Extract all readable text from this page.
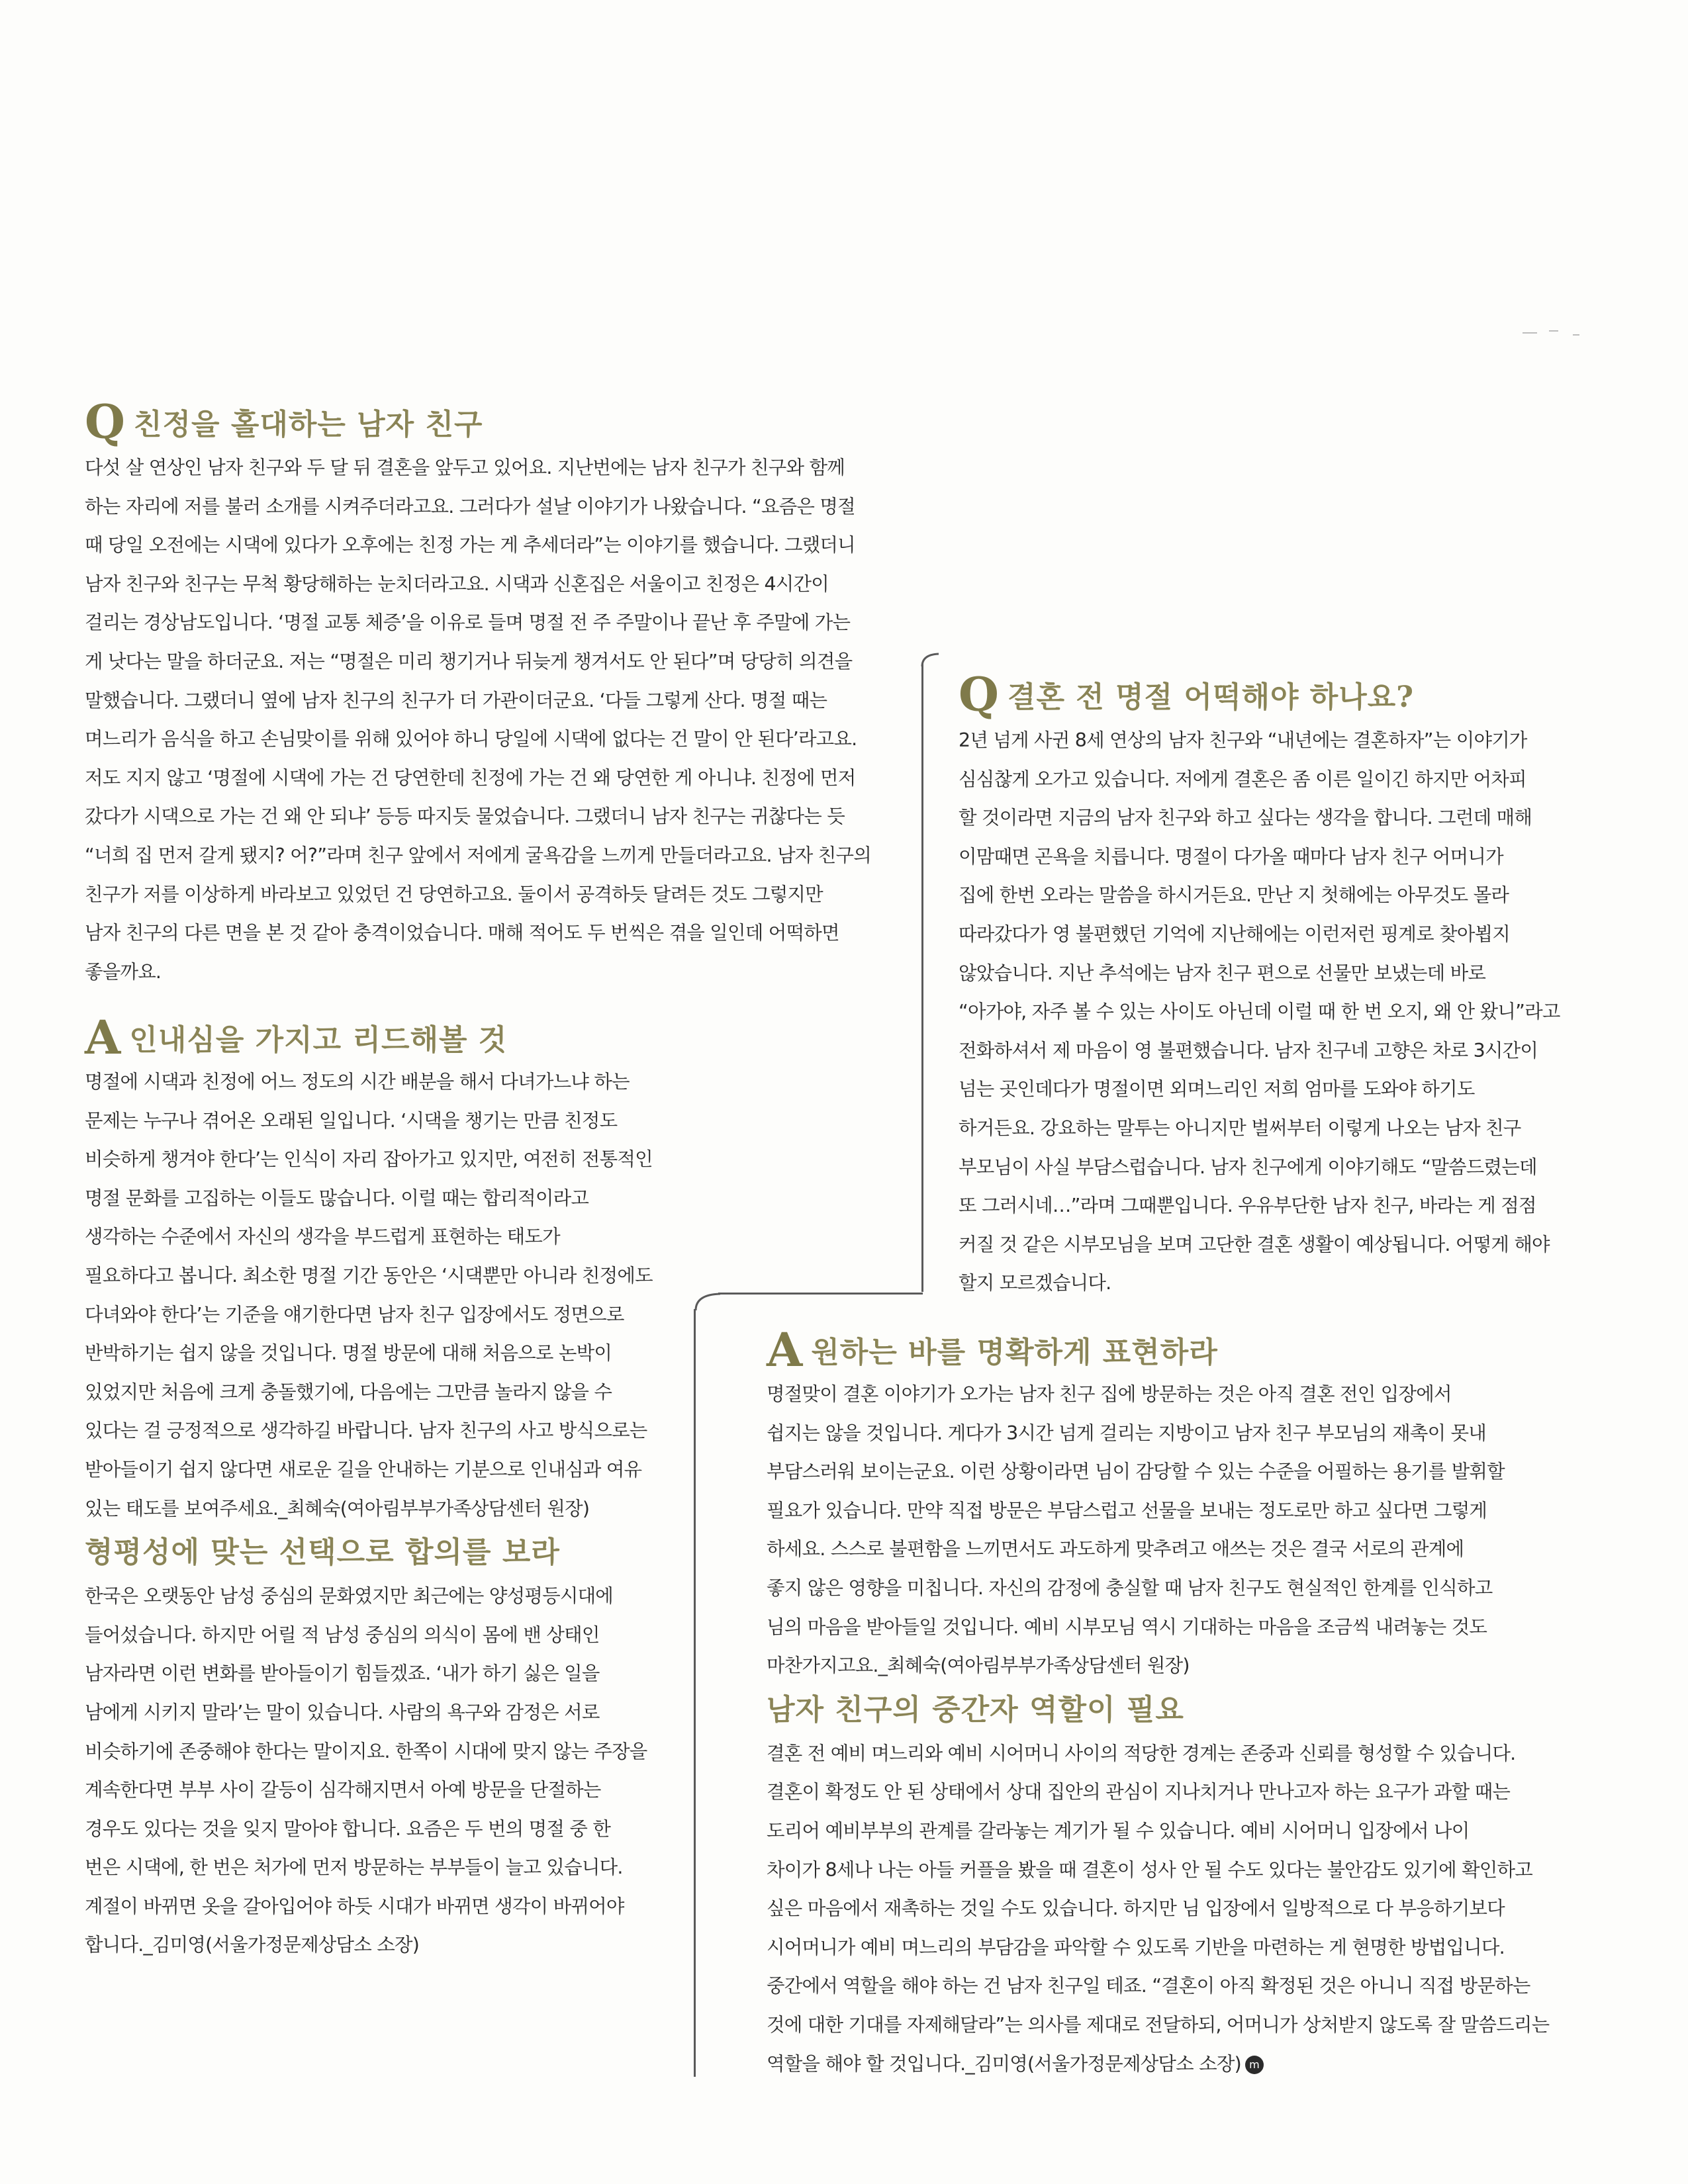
Q친정을 홀대하는 남자 친구
다섯 살 연상인 남자 친구와 두 달 뒤 결혼을 앞두고 있어요. 지난번에는 남자 친구가 친구와 함께
하는 자리에 저를 불러 소개를 시켜주더라고요. 그러다가 설날 이야기가 나왔습니다. “요즘은 명절
때 당일 오전에는 시댁에 있다가 오후에는 친정 가는 게 추세더라”는 이야기를 했습니다. 그랬더니
남자 친구와 친구는 무척 황당해하는 눈치더라고요. 시댁과 신혼집은 서울이고 친정은 4시간이
걸리는 경상남도입니다. ‘명절 교통 체증’을 이유로 들며 명절 전 주 주말이나 끝난 후 주말에 가는
게 낫다는 말을 하더군요. 저는 “명절은 미리 챙기거나 뒤늦게 챙겨서도 안 된다”며 당당히 의견을
말했습니다. 그랬더니 옆에 남자 친구의 친구가 더 가관이더군요. ‘다들 그렇게 산다. 명절 때는
며느리가 음식을 하고 손님맞이를 위해 있어야 하니 당일에 시댁에 없다는 건 말이 안 된다’라고요.
저도 지지 않고 ‘명절에 시댁에 가는 건 당연한데 친정에 가는 건 왜 당연한 게 아니냐. 친정에 먼저
갔다가 시댁으로 가는 건 왜 안 되냐’ 등등 따지듯 물었습니다. 그랬더니 남자 친구는 귀찮다는 듯
“너희 집 먼저 갈게 됐지? 어?”라며 친구 앞에서 저에게 굴욕감을 느끼게 만들더라고요. 남자 친구의
친구가 저를 이상하게 바라보고 있었던 건 당연하고요. 둘이서 공격하듯 달려든 것도 그렇지만
남자 친구의 다른 면을 본 것 같아 충격이었습니다. 매해 적어도 두 번씩은 겪을 일인데 어떡하면
좋을까요.
A인내심을 가지고 리드해볼 것
명절에 시댁과 친정에 어느 정도의 시간 배분을 해서 다녀가느냐 하는
문제는 누구나 겪어온 오래된 일입니다. ‘시댁을 챙기는 만큼 친정도
비슷하게 챙겨야 한다’는 인식이 자리 잡아가고 있지만, 여전히 전통적인
명절 문화를 고집하는 이들도 많습니다. 이럴 때는 합리적이라고
생각하는 수준에서 자신의 생각을 부드럽게 표현하는 태도가
필요하다고 봅니다. 최소한 명절 기간 동안은 ‘시댁뿐만 아니라 친정에도
다녀와야 한다’는 기준을 얘기한다면 남자 친구 입장에서도 정면으로
반박하기는 쉽지 않을 것입니다. 명절 방문에 대해 처음으로 논박이
있었지만 처음에 크게 충돌했기에, 다음에는 그만큼 놀라지 않을 수
있다는 걸 긍정적으로 생각하길 바랍니다. 남자 친구의 사고 방식으로는
받아들이기 쉽지 않다면 새로운 길을 안내하는 기분으로 인내심과 여유
있는 태도를 보여주세요._최혜숙(여아림부부가족상담센터 원장)
형평성에 맞는 선택으로 합의를 보라
한국은 오랫동안 남성 중심의 문화였지만 최근에는 양성평등시대에
들어섰습니다. 하지만 어릴 적 남성 중심의 의식이 몸에 밴 상태인
남자라면 이런 변화를 받아들이기 힘들겠죠. ‘내가 하기 싫은 일을
남에게 시키지 말라’는 말이 있습니다. 사람의 욕구와 감정은 서로
비슷하기에 존중해야 한다는 말이지요. 한쪽이 시대에 맞지 않는 주장을
계속한다면 부부 사이 갈등이 심각해지면서 아예 방문을 단절하는
경우도 있다는 것을 잊지 말아야 합니다. 요즘은 두 번의 명절 중 한
번은 시댁에, 한 번은 처가에 먼저 방문하는 부부들이 늘고 있습니다.
계절이 바뀌면 옷을 갈아입어야 하듯 시대가 바뀌면 생각이 바뀌어야
합니다._김미영(서울가정문제상담소 소장)
Q결혼 전 명절 어떡해야 하나요?
2년 넘게 사귄 8세 연상의 남자 친구와 “내년에는 결혼하자”는 이야기가
심심찮게 오가고 있습니다. 저에게 결혼은 좀 이른 일이긴 하지만 어차피
할 것이라면 지금의 남자 친구와 하고 싶다는 생각을 합니다. 그런데 매해
이맘때면 곤욕을 치릅니다. 명절이 다가올 때마다 남자 친구 어머니가
집에 한번 오라는 말씀을 하시거든요. 만난 지 첫해에는 아무것도 몰라
따라갔다가 영 불편했던 기억에 지난해에는 이런저런 핑계로 찾아뵙지
않았습니다. 지난 추석에는 남자 친구 편으로 선물만 보냈는데 바로
“아가야, 자주 볼 수 있는 사이도 아닌데 이럴 때 한 번 오지, 왜 안 왔니”라고
전화하셔서 제 마음이 영 불편했습니다. 남자 친구네 고향은 차로 3시간이
넘는 곳인데다가 명절이면 외며느리인 저희 엄마를 도와야 하기도
하거든요. 강요하는 말투는 아니지만 벌써부터 이렇게 나오는 남자 친구
부모님이 사실 부담스럽습니다. 남자 친구에게 이야기해도 “말씀드렸는데
또 그러시네…”라며 그때뿐입니다. 우유부단한 남자 친구, 바라는 게 점점
커질 것 같은 시부모님을 보며 고단한 결혼 생활이 예상됩니다. 어떻게 해야
할지 모르겠습니다.
A원하는 바를 명확하게 표현하라
명절맞이 결혼 이야기가 오가는 남자 친구 집에 방문하는 것은 아직 결혼 전인 입장에서
쉽지는 않을 것입니다. 게다가 3시간 넘게 걸리는 지방이고 남자 친구 부모님의 재촉이 못내
부담스러워 보이는군요. 이런 상황이라면 님이 감당할 수 있는 수준을 어필하는 용기를 발휘할
필요가 있습니다. 만약 직접 방문은 부담스럽고 선물을 보내는 정도로만 하고 싶다면 그렇게
하세요. 스스로 불편함을 느끼면서도 과도하게 맞추려고 애쓰는 것은 결국 서로의 관계에
좋지 않은 영향을 미칩니다. 자신의 감정에 충실할 때 남자 친구도 현실적인 한계를 인식하고
님의 마음을 받아들일 것입니다. 예비 시부모님 역시 기대하는 마음을 조금씩 내려놓는 것도
마찬가지고요._최혜숙(여아림부부가족상담센터 원장)
남자 친구의 중간자 역할이 필요
결혼 전 예비 며느리와 예비 시어머니 사이의 적당한 경계는 존중과 신뢰를 형성할 수 있습니다.
결혼이 확정도 안 된 상태에서 상대 집안의 관심이 지나치거나 만나고자 하는 요구가 과할 때는
도리어 예비부부의 관계를 갈라놓는 계기가 될 수 있습니다. 예비 시어머니 입장에서 나이
차이가 8세나 나는 아들 커플을 봤을 때 결혼이 성사 안 될 수도 있다는 불안감도 있기에 확인하고
싶은 마음에서 재촉하는 것일 수도 있습니다. 하지만 님 입장에서 일방적으로 다 부응하기보다
시어머니가 예비 며느리의 부담감을 파악할 수 있도록 기반을 마련하는 게 현명한 방법입니다.
중간에서 역할을 해야 하는 건 남자 친구일 테죠. “결혼이 아직 확정된 것은 아니니 직접 방문하는
것에 대한 기대를 자제해달라”는 의사를 제대로 전달하되, 어머니가 상처받지 않도록 잘 말씀드리는
역할을 해야 할 것입니다._김미영(서울가정문제상담소 소장) m
